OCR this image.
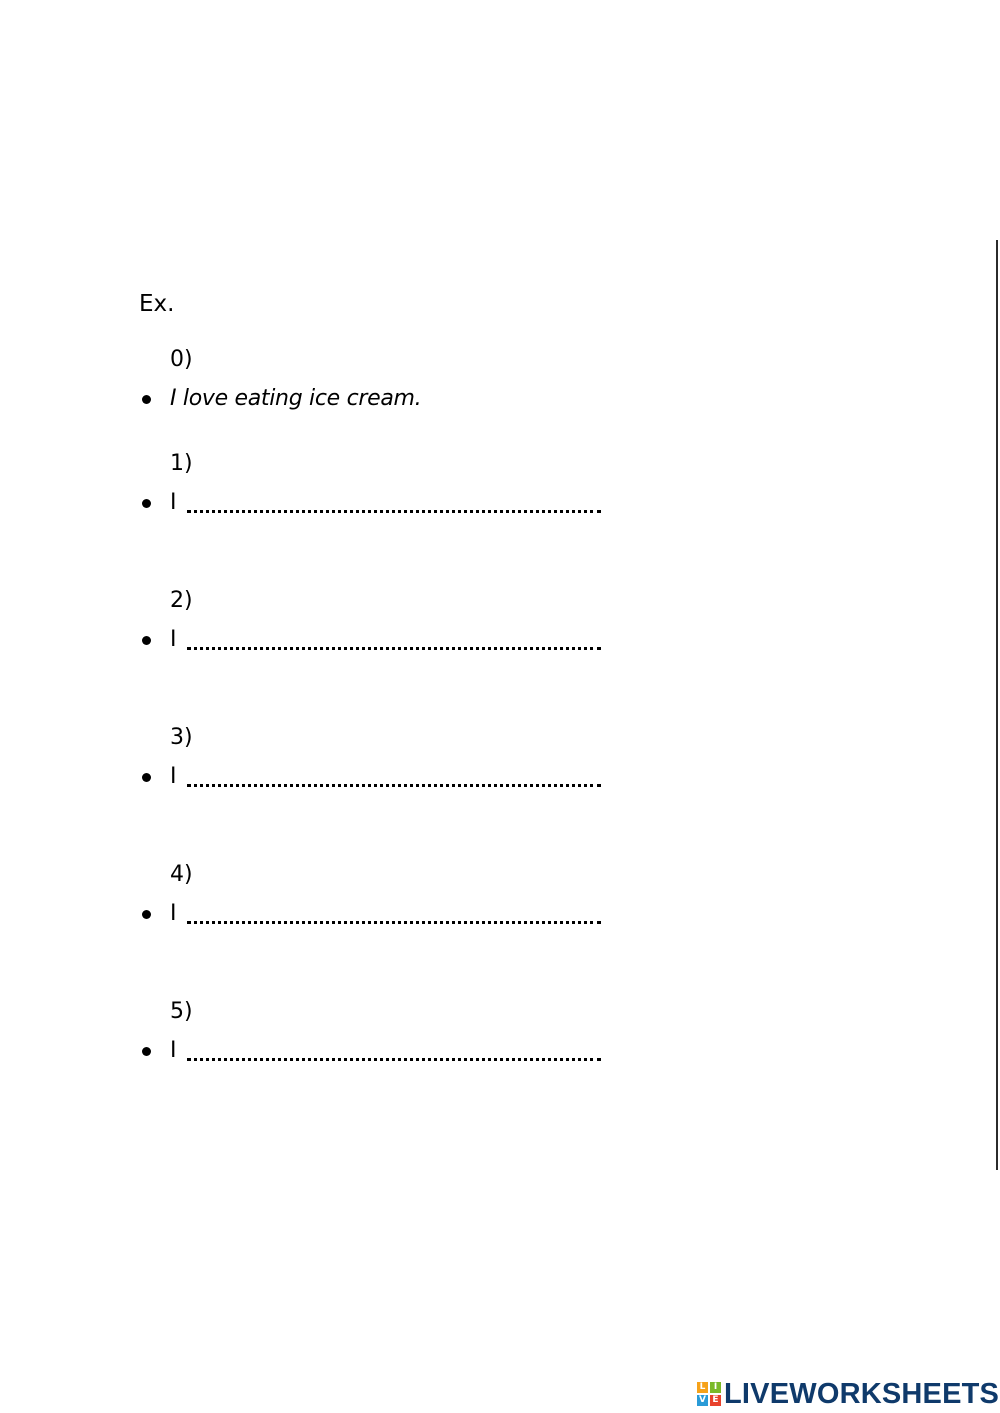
Ex.
0)
I love eating ice cream.
1)
I
2)
I
3)
I
4)
I
5)
I
L I
V E LIVEWORKSHEETS
